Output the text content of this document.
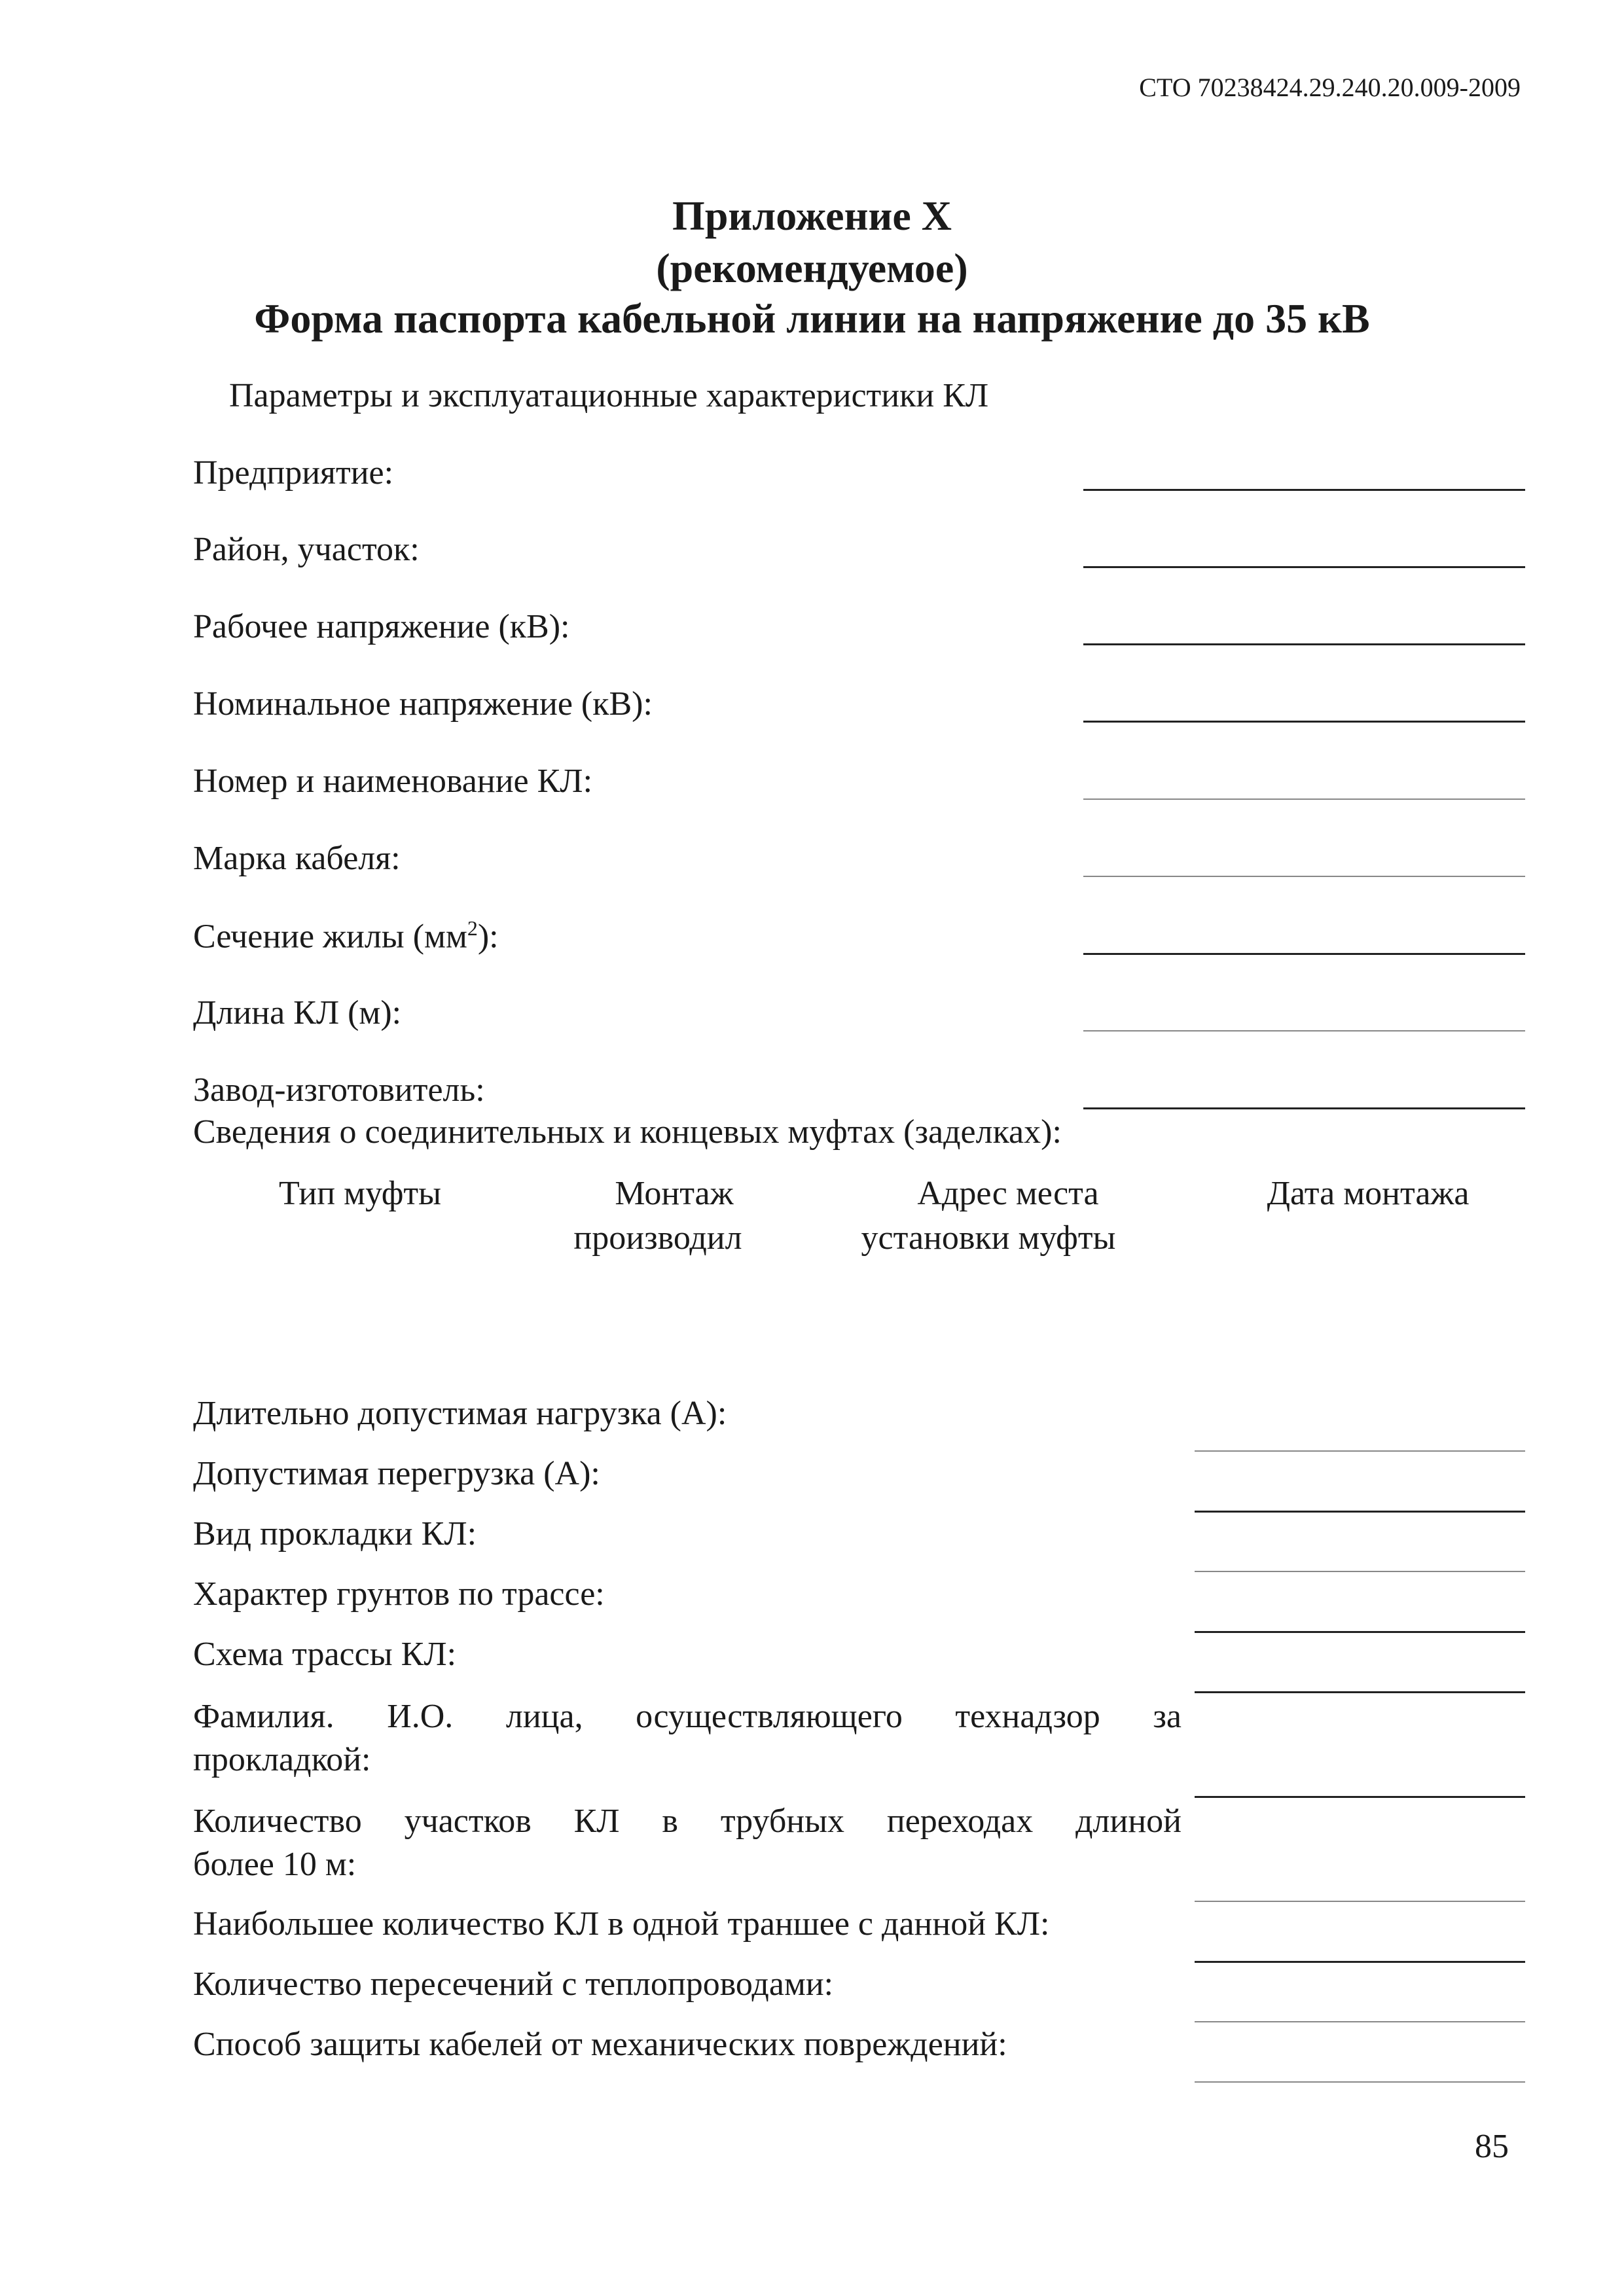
СТО 70238424.29.240.20.009-2009
Приложение Х
(рекомендуемое)
Форма паспорта кабельной линии на напряжение до 35 кВ
Параметры и эксплуатационные характеристики КЛ
Предприятие:
Район, участок:
Рабочее напряжение (кВ):
Номинальное напряжение (кВ):
Номер и наименование КЛ:
Марка кабеля:
Сечение жилы $(мм^2)$:
Длина КЛ (м):
Завод-изготовитель:
Сведения о соединительных и концевых муфтах (заделках):
Тип муфты	Монтаж
производил
Адрес места
установки муфты
Дата монтажа
Длительно допустимая нагрузка (А):
Допустимая перегрузка (А):
Вид прокладки КЛ:
Характер грунтов по трассе:
Схема трассы КЛ:
Фамилия. И.О. лица, осуществляющего технадзор за
прокладкой:
Количество участков КЛ в трубных переходах длиной
более 10 м:
Наибольшее количество КЛ в одной траншее с данной КЛ:
Количество пересечений с теплопроводами:
Способ защиты кабелей от механических повреждений:
85
